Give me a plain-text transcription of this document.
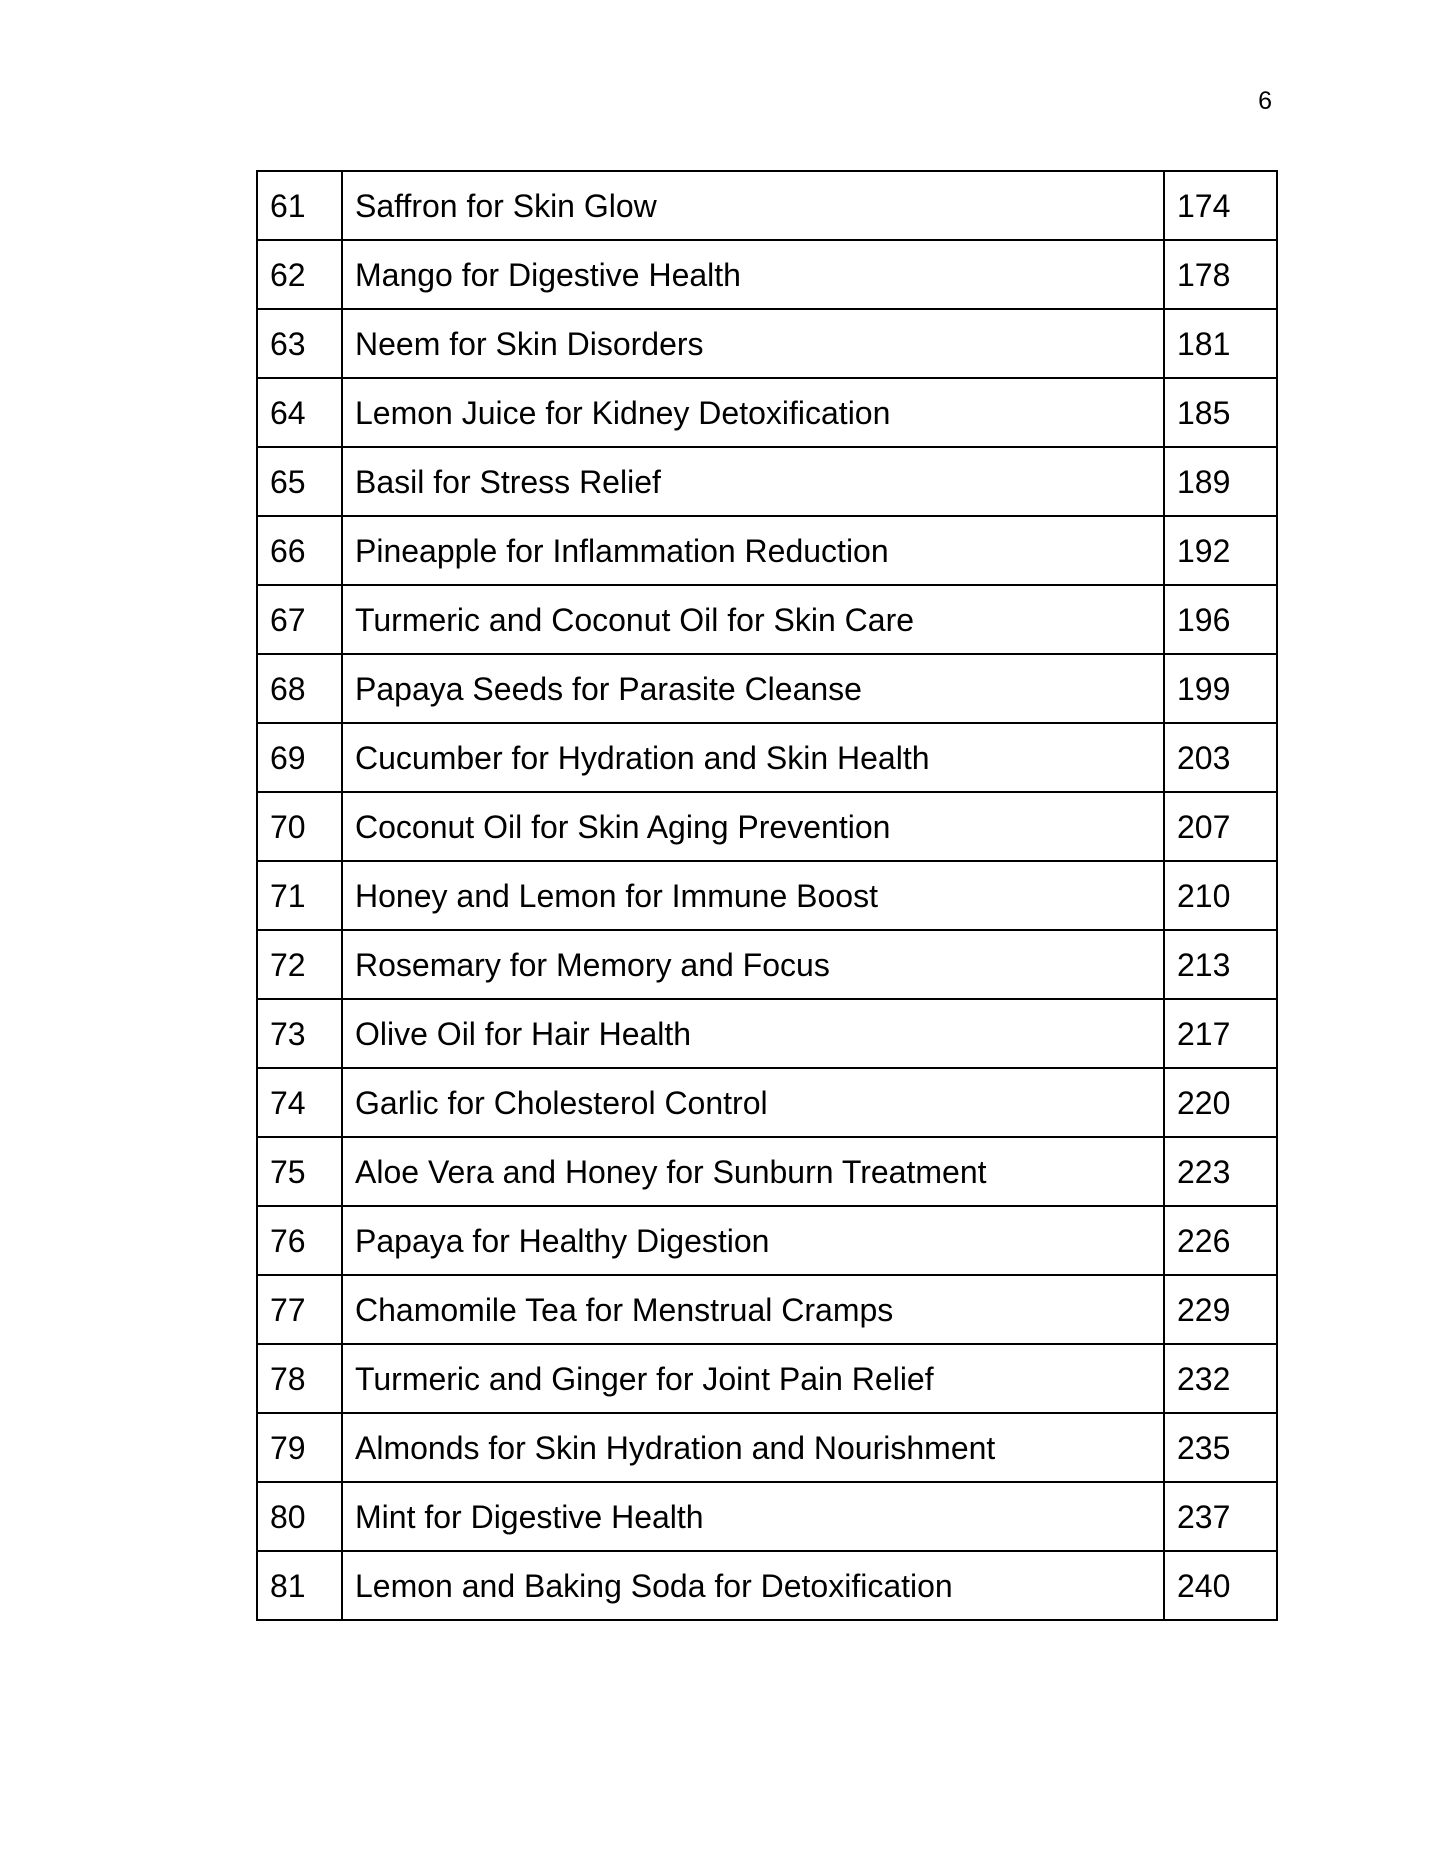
6
61	Saffron for Skin Glow	174
62	Mango for Digestive Health	178
63	Neem for Skin Disorders	181
64	Lemon Juice for Kidney Detoxification	185
65	Basil for Stress Relief	189
66	Pineapple for Inflammation Reduction	192
67	Turmeric and Coconut Oil for Skin Care	196
68	Papaya Seeds for Parasite Cleanse	199
69	Cucumber for Hydration and Skin Health	203
70	Coconut Oil for Skin Aging Prevention	207
71	Honey and Lemon for Immune Boost	210
72	Rosemary for Memory and Focus	213
73	Olive Oil for Hair Health	217
74	Garlic for Cholesterol Control	220
75	Aloe Vera and Honey for Sunburn Treatment	223
76	Papaya for Healthy Digestion	226
77	Chamomile Tea for Menstrual Cramps	229
78	Turmeric and Ginger for Joint Pain Relief	232
79	Almonds for Skin Hydration and Nourishment	235
80	Mint for Digestive Health	237
81	Lemon and Baking Soda for Detoxification	240
